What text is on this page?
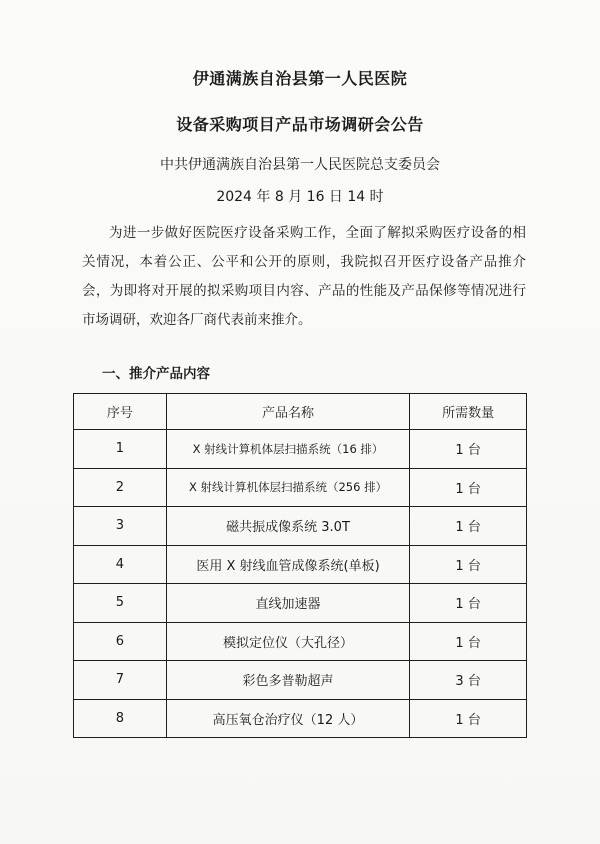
伊通满族自治县第一人民医院
设备采购项目产品市场调研会公告
中共伊通满族自治县第一人民医院总支委员会
2024 年 8 月 16 日 14 时
为进一步做好医院医疗设备采购工作，全面了解拟采购医疗设备的相关情况，本着公正、公平和公开的原则，我院拟召开医疗设备产品推介会，为即将对开展的拟采购项目内容、产品的性能及产品保修等情况进行市场调研，欢迎各厂商代表前来推介。
一、推介产品内容
序号	产品名称	所需数量
1	X 射线计算机体层扫描系统（16 排）	1 台
2	X 射线计算机体层扫描系统（256 排）	1 台
3	磁共振成像系统 3.0T	1 台
4	医用 X 射线血管成像系统(单板)	1 台
5	直线加速器	1 台
6	模拟定位仪（大孔径）	1 台
7	彩色多普勒超声	3 台
8	高压氧仓治疗仪（12 人）	1 台
